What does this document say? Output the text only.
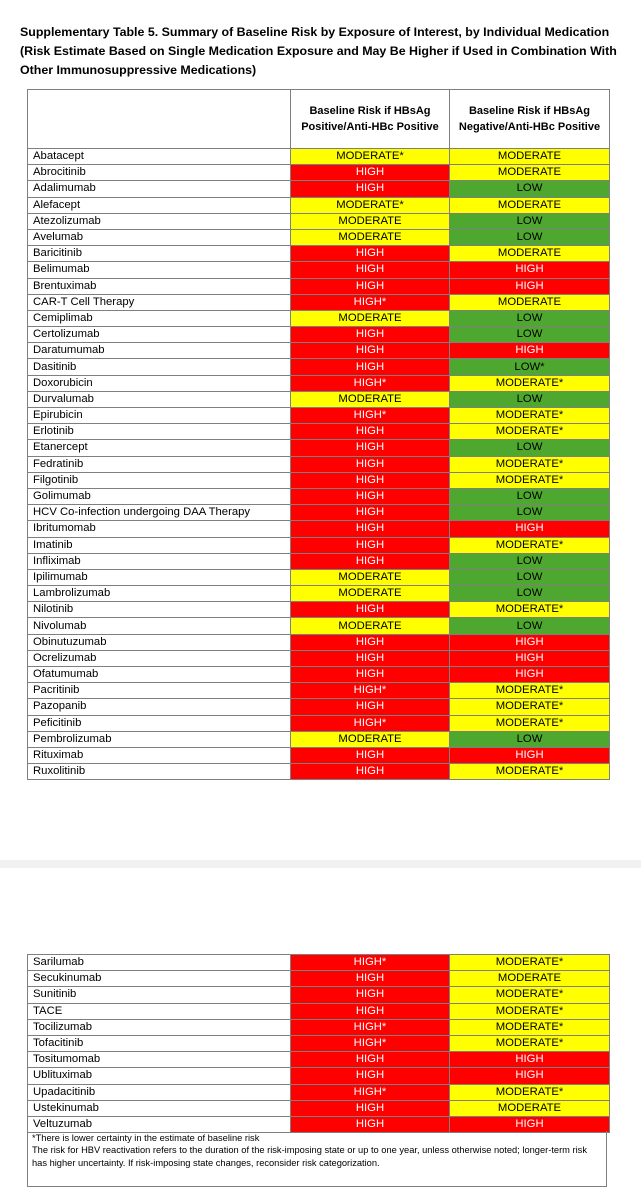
Supplementary Table 5. Summary of Baseline Risk by Exposure of Interest, by Individual Medication (Risk Estimate Based on Single Medication Exposure and May Be Higher if Used in Combination With Other Immunosuppressive Medications)
	Baseline Risk if HBsAg Positive/Anti-HBc Positive	Baseline Risk if HBsAg Negative/Anti-HBc Positive
Abatacept	MODERATE*	MODERATE
Abrocitinib	HIGH	MODERATE
Adalimumab	HIGH	LOW
Alefacept	MODERATE*	MODERATE
Atezolizumab	MODERATE	LOW
Avelumab	MODERATE	LOW
Baricitinib	HIGH	MODERATE
Belimumab	HIGH	HIGH
Brentuximab	HIGH	HIGH
CAR-T Cell Therapy	HIGH*	MODERATE
Cemiplimab	MODERATE	LOW
Certolizumab	HIGH	LOW
Daratumumab	HIGH	HIGH
Dasitinib	HIGH	LOW*
Doxorubicin	HIGH*	MODERATE*
Durvalumab	MODERATE	LOW
Epirubicin	HIGH*	MODERATE*
Erlotinib	HIGH	MODERATE*
Etanercept	HIGH	LOW
Fedratinib	HIGH	MODERATE*
Filgotinib	HIGH	MODERATE*
Golimumab	HIGH	LOW
HCV Co-infection undergoing DAA Therapy	HIGH	LOW
Ibritumomab	HIGH	HIGH
Imatinib	HIGH	MODERATE*
Infliximab	HIGH	LOW
Ipilimumab	MODERATE	LOW
Lambrolizumab	MODERATE	LOW
Nilotinib	HIGH	MODERATE*
Nivolumab	MODERATE	LOW
Obinutuzumab	HIGH	HIGH
Ocrelizumab	HIGH	HIGH
Ofatumumab	HIGH	HIGH
Pacritinib	HIGH*	MODERATE*
Pazopanib	HIGH	MODERATE*
Peficitinib	HIGH*	MODERATE*
Pembrolizumab	MODERATE	LOW
Rituximab	HIGH	HIGH
Ruxolitinib	HIGH	MODERATE*
Sarilumab	HIGH*	MODERATE*
Secukinumab	HIGH	MODERATE
Sunitinib	HIGH	MODERATE*
TACE	HIGH	MODERATE*
Tocilizumab	HIGH*	MODERATE*
Tofacitinib	HIGH*	MODERATE*
Tositumomab	HIGH	HIGH
Ublituximab	HIGH	HIGH
Upadacitinib	HIGH*	MODERATE*
Ustekinumab	HIGH	MODERATE
Veltuzumab	HIGH	HIGH
*There is lower certainty in the estimate of baseline risk
The risk for HBV reactivation refers to the duration of the risk-imposing state or up to one year, unless otherwise noted; longer-term risk has higher uncertainty. If risk-imposing state changes, reconsider risk categorization.
